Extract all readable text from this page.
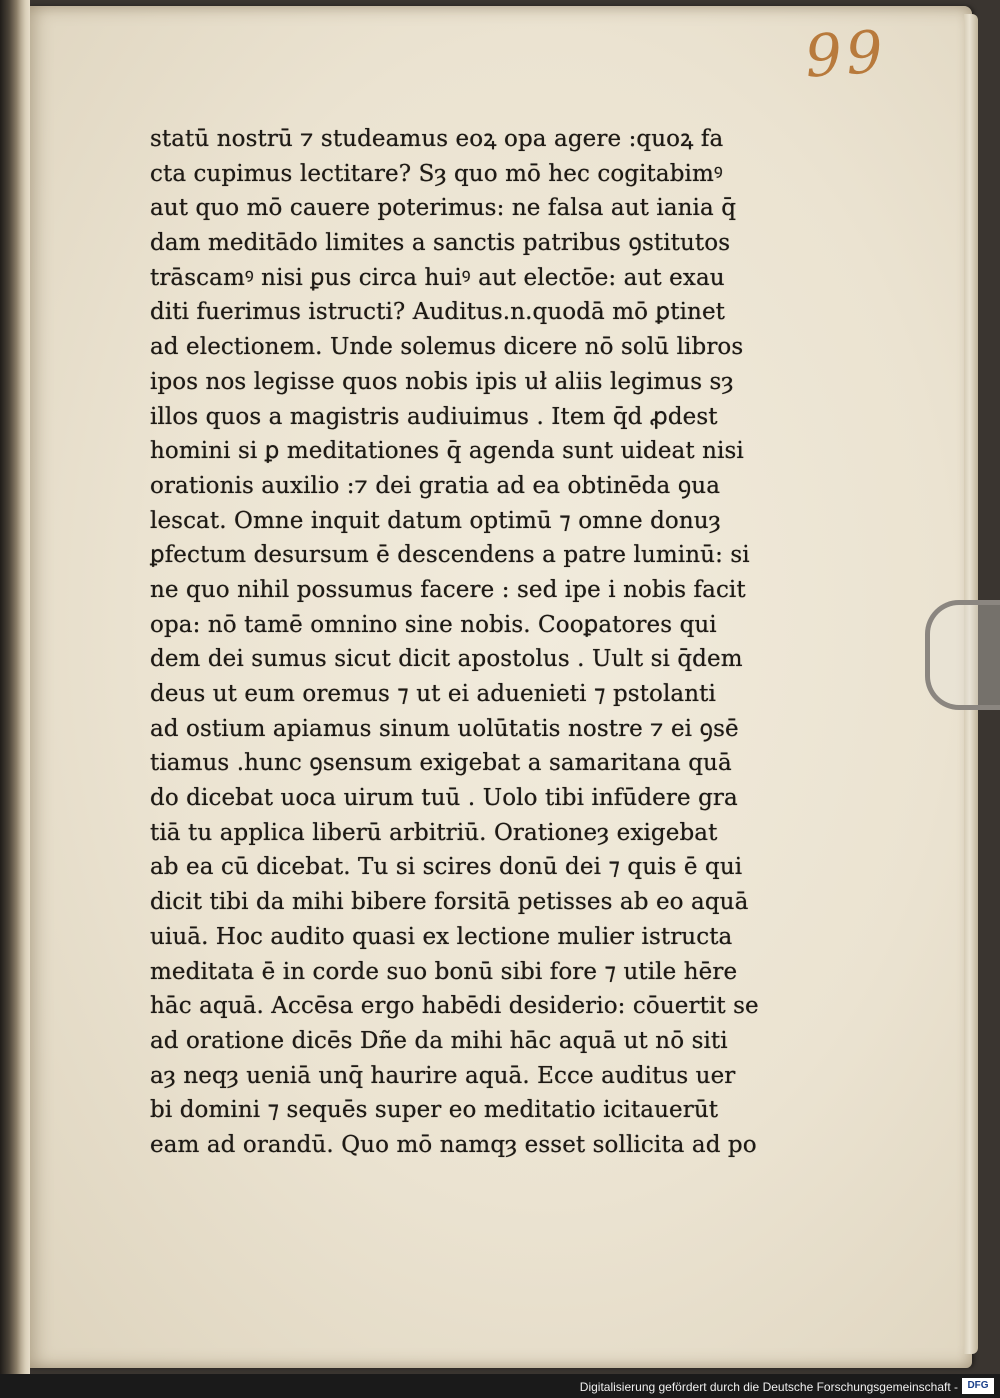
99
statū nostrū ⁊ studeamus eoꝝ opa agere :quoꝝ fa
cta cupimus lectitare? Sȝ quo mō hec cogitabimꝰ
aut quo mō cauere poterimus: ne falsa aut iania q̄
dam meditādo limites a sanctis patribus ꝯstitutos
trāscamꝰ nisi ꝑus circa huiꝰ aut electōe: aut exau
diti fuerimus istructi? Auditus.n.quodā mō ꝑtinet
ad electionem. Unde solemus dicere nō solū libros
ipos nos legisse quos nobis ipis uł aliis legimus sȝ
illos quos a magistris audiuimus . Item q̄d ꝓdest
homini si ꝑ meditationes q̄ agenda sunt uideat nisi
orationis auxilio :⁊ dei gratia ad ea obtinēda ꝯua
lescat. Omne inquit datum optimū ⁊ omne donuȝ
ꝑfectum desursum ē descendens a patre luminū: si
ne quo nihil possumus facere : sed ipe i nobis facit
opa: nō tamē omnino sine nobis. Cooꝑatores qui
dem dei sumus sicut dicit apostolus . Uult si q̄dem
deus ut eum oremus ⁊ ut ei aduenieti ⁊ pstolanti
ad ostium apiamus sinum uolūtatis nostre ⁊ ei ꝯsē
tiamus .hunc ꝯsensum exigebat a samaritana quā
do dicebat uoca uirum tuū . Uolo tibi infūdere gra
tiā tu applica liberū arbitriū. Orationeȝ exigebat
ab ea cū dicebat. Tu si scires donū dei ⁊ quis ē qui
dicit tibi da mihi bibere forsitā petisses ab eo aquā
uiuā. Hoc audito quasi ex lectione mulier istructa
meditata ē in corde suo bonū sibi fore ⁊ utile hēre
hāc aquā. Accēsa ergo habēdi desiderio: cōuertit se
ad oratione dicēs Dñe da mihi hāc aquā ut nō siti
aȝ neqȝ ueniā unq̄ haurire aquā. Ecce auditus uer
bi domini ⁊ sequēs super eo meditatio icitauerūt
eam ad orandū. Quo mō namqȝ esset sollicita ad po
Digitalisierung gefördert durch die Deutsche Forschungsgemeinschaft - DFG
